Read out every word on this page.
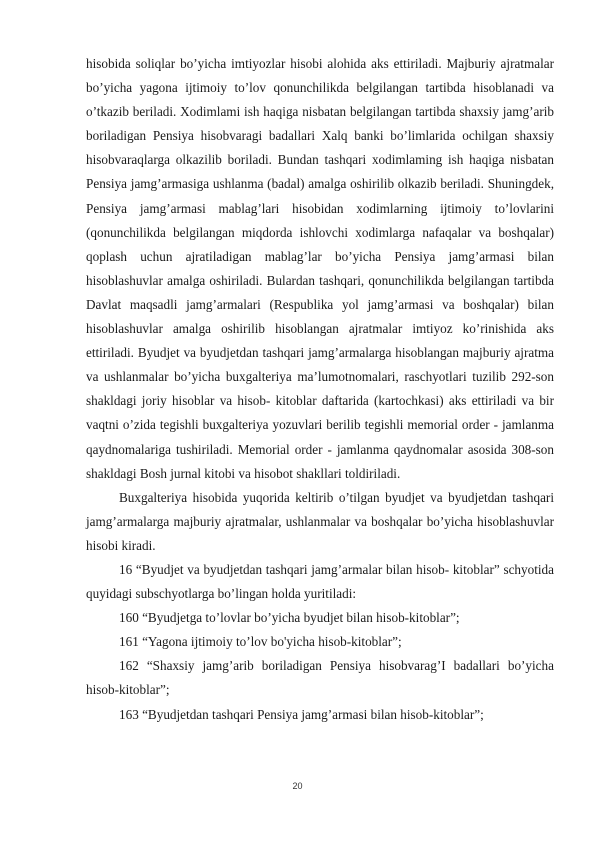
hisobida soliqlar bo’yicha imtiyozlar hisobi alohida aks ettiriladi. Majburiy ajratmalar bo’yicha yagona ijtimoiy to’lov qonunchilikda belgilangan tartibda hisoblanadi va o’tkazib beriladi. Xodimlami ish haqiga nisbatan belgilangan tartibda shaxsiy jamg’arib boriladigan Pensiya hisobvaragi badallari Xalq banki bo’limlarida ochilgan shaxsiy hisobvaraqlarga olkazilib boriladi. Bundan tashqari xodimlaming ish haqiga nisbatan Pensiya jamg’armasiga ushlanma (badal) amalga oshirilib olkazib beriladi. Shuningdek, Pensiya jamg’armasi mablag’lari hisobidan xodimlarning ijtimoiy to’lovlarini (qonunchilikda belgilangan miqdorda ishlovchi xodimlarga nafaqalar va boshqalar) qoplash uchun ajratiladigan mablag’lar bo’yicha Pensiya jamg’armasi bilan hisoblashuvlar amalga oshiriladi. Bulardan tashqari, qonunchilikda belgilangan tartibda Davlat maqsadli jamg’armalari (Respublika yol jamg’armasi va boshqalar) bilan hisoblashuvlar amalga oshirilib hisoblangan ajratmalar imtiyoz ko’rinishida aks ettiriladi. Byudjet va byudjetdan tashqari jamg’armalarga hisoblangan majburiy ajratma va ushlanmalar bo’yicha buxgalteriya ma’lumotnomalari, raschyotlari tuzilib 292-son shakldagi joriy hisoblar va hisob- kitoblar daftarida (kartochkasi) aks ettiriladi va bir vaqtni o’zida tegishli buxgalteriya yozuvlari berilib tegishli memorial order - jamlanma qaydnomalariga tushiriladi. Memorial order - jamlanma qaydnomalar asosida 308-son shakldagi Bosh jurnal kitobi va hisobot shakllari toldiriladi.

Buxgalteriya hisobida yuqorida keltirib o’tilgan byudjet va byudjetdan tashqari jamg’armalarga majburiy ajratmalar, ushlanmalar va boshqalar bo’yicha hisoblashuvlar hisobi kiradi.

16 “Byudjet va byudjetdan tashqari jamg’armalar bilan hisob- kitoblar” schyotida quyidagi subschyotlarga bo’lingan holda yuritiladi:

160 “Byudjetga to’lovlar bo’yicha byudjet bilan hisob-kitoblar”;

161 “Yagona ijtimoiy to’lov bo'yicha hisob-kitoblar”;

162 “Shaxsiy jamg’arib boriladigan Pensiya hisobvarag’I badallari bo’yicha hisob-kitoblar”;

163 “Byudjetdan tashqari Pensiya jamg’armasi bilan hisob-kitoblar”;

20
